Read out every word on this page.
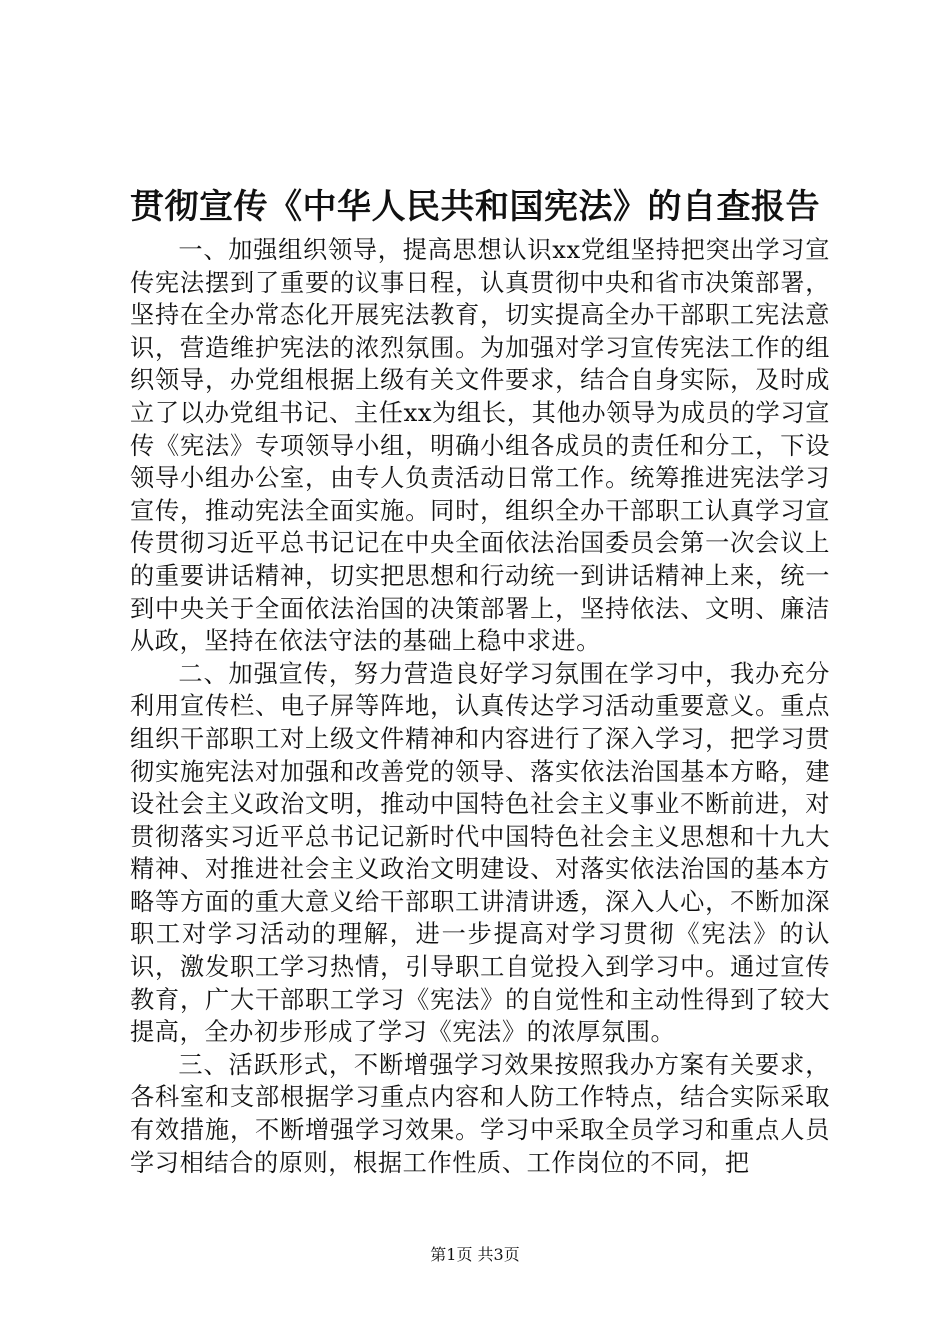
贯彻宣传《中华人民共和国宪法》的自查报告

一、加强组织领导，提高思想认识xx党组坚持把突出学习宣传宪法摆到了重要的议事日程，认真贯彻中央和省市决策部署，坚持在全办常态化开展宪法教育，切实提高全办干部职工宪法意识，营造维护宪法的浓烈氛围。为加强对学习宣传宪法工作的组织领导，办党组根据上级有关文件要求，结合自身实际，及时成立了以办党组书记、主任xx为组长，其他办领导为成员的学习宣传《宪法》专项领导小组，明确小组各成员的责任和分工，下设领导小组办公室，由专人负责活动日常工作。统筹推进宪法学习宣传，推动宪法全面实施。同时，组织全办干部职工认真学习宣传贯彻习近平总书记记在中央全面依法治国委员会第一次会议上的重要讲话精神，切实把思想和行动统一到讲话精神上来，统一到中央关于全面依法治国的决策部署上，坚持依法、文明、廉洁从政，坚持在依法守法的基础上稳中求进。

二、加强宣传，努力营造良好学习氛围在学习中，我办充分利用宣传栏、电子屏等阵地，认真传达学习活动重要意义。重点组织干部职工对上级文件精神和内容进行了深入学习，把学习贯彻实施宪法对加强和改善党的领导、落实依法治国基本方略，建设社会主义政治文明，推动中国特色社会主义事业不断前进，对贯彻落实习近平总书记记新时代中国特色社会主义思想和十九大精神、对推进社会主义政治文明建设、对落实依法治国的基本方略等方面的重大意义给干部职工讲清讲透，深入人心，不断加深职工对学习活动的理解，进一步提高对学习贯彻《宪法》的认识，激发职工学习热情，引导职工自觉投入到学习中。通过宣传教育，广大干部职工学习《宪法》的自觉性和主动性得到了较大提高，全办初步形成了学习《宪法》的浓厚氛围。

三、活跃形式，不断增强学习效果按照我办方案有关要求，各科室和支部根据学习重点内容和人防工作特点，结合实际采取有效措施，不断增强学习效果。学习中采取全员学习和重点人员学习相结合的原则，根据工作性质、工作岗位的不同，把

第1页 共3页
